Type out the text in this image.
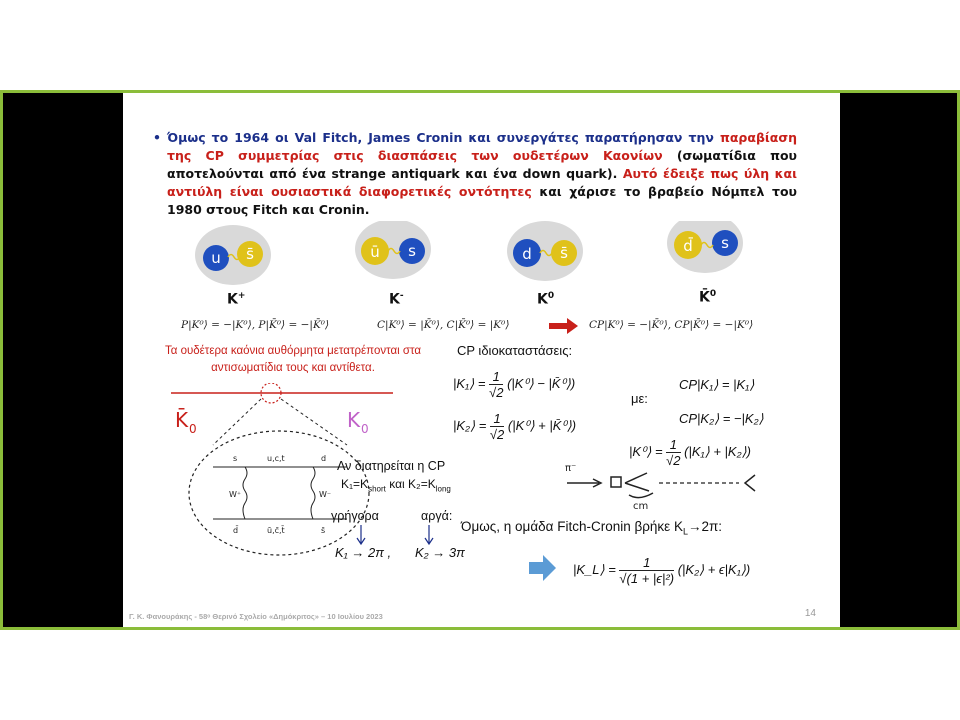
• Όμως το 1964 οι Val Fitch, James Cronin και συνεργάτες παρατήρησαν την παραβίαση της CP συμμετρίας στις διασπάσεις των ουδετέρων Καονίων (σωματίδια που αποτελούνται από ένα strange antiquark και ένα down quark). Αυτό έδειξε πως ύλη και αντιύλη είναι ουσιαστικά διαφορετικές οντότητες και χάρισε το βραβείο Νόμπελ του 1980 στους Fitch και Cronin.
u s̄	ū s	d s̄	d̄ s
K+	K-	$K^0$	K̄$^0$
P|K⁰⟩ = −|K⁰⟩, P|K̄⁰⟩ = −|K̄⁰⟩	C|K⁰⟩ = |K̄⁰⟩, C|K̄⁰⟩ = |K⁰⟩	CP|K⁰⟩ = −|K̄⁰⟩, CP|K̄⁰⟩ = −|K⁰⟩
Τα ουδέτερα καόνια αυθόρμητα μετατρέπονται στα αντισωματίδια τους και αντίθετα.
CP ιδιοκαταστάσεις:
|K₁⟩ = $\frac{1}{√2}$ (|K⁰⟩ − |K̄⁰⟩)
|K₂⟩ = $\frac{1}{√2}$ (|K⁰⟩ + |K̄⁰⟩)
με:
CP|K₁⟩ = |K₁⟩
CP|K₂⟩ = −|K₂⟩
|K⁰⟩ = $\frac{1}{√2}$ (|K₁⟩ + |K₂⟩)
π⁻
cm
K̄ 0	K 0
s	u,c,t	d
d̄	ū,c̄,t̄	s̄
W⁺	W⁻
Αν διατηρείται η CP
$K_1=K_{short}$ και $K_2=K_{long}$
γρήγορα	αργά:
K₁ → 2π , K₂ → 3π
Όμως, η ομάδα Fitch-Cronin βρήκε $K_L\to 2\pi$:
|K_L⟩ = $\frac{1}{\text{√(1 + |ϵ|²)}}$ (|K₂⟩ + ϵ|K₁⟩)
Γ. Κ. Φανουράκης - 58ᵒ Θερινό Σχολείο «Δημόκριτος» – 10 Ιουλίου 2023	14
